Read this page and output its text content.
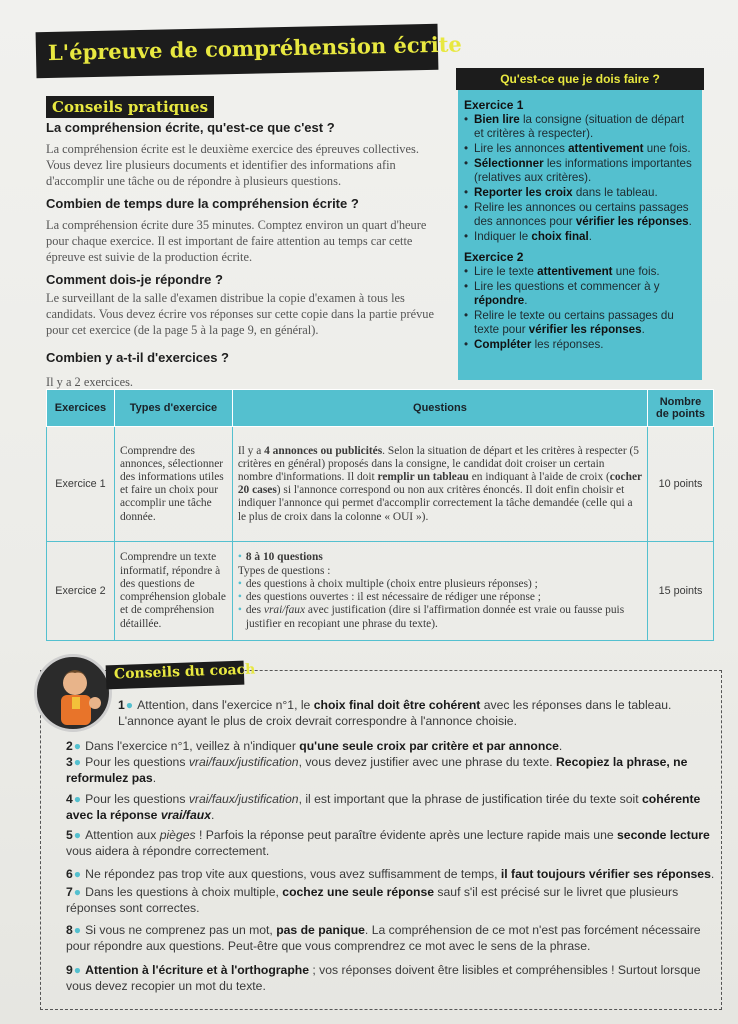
L'épreuve de compréhension écrite
Conseils pratiques
La compréhension écrite, qu'est-ce que c'est ?
La compréhension écrite est le deuxième exercice des épreuves collectives. Vous devez lire plusieurs documents et identifier des informations afin d'accomplir une tâche ou de répondre à plusieurs questions.
Combien de temps dure la compréhension écrite ?
La compréhension écrite dure 35 minutes. Comptez environ un quart d'heure pour chaque exercice. Il est important de faire attention au temps car cette épreuve est suivie de la production écrite.
Comment dois-je répondre ?
Le surveillant de la salle d'examen distribue la copie d'examen à tous les candidats. Vous devez écrire vos réponses sur cette copie dans la partie prévue pour cet exercice (de la page 5 à la page 9, en général).
Combien y a-t-il d'exercices ?
Il y a 2 exercices.
Qu'est-ce que je dois faire ?
Exercice 1
• Bien lire la consigne (situation de départ et critères à respecter).
• Lire les annonces attentivement une fois.
• Sélectionner les informations importantes (relatives aux critères).
• Reporter les croix dans le tableau.
• Relire les annonces ou certains passages des annonces pour vérifier les réponses.
• Indiquer le choix final.
Exercice 2
• Lire le texte attentivement une fois.
• Lire les questions et commencer à y répondre.
• Relire le texte ou certains passages du texte pour vérifier les réponses.
• Compléter les réponses.
Exercices	Types d'exercice	Questions	Nombre de points
Exercice 1	Comprendre des annonces, sélectionner des informations utiles et faire un choix pour accomplir une tâche donnée.	Il y a 4 annonces ou publicités. Selon la situation de départ et les critères à respecter (5 critères en général) proposés dans la consigne, le candidat doit croiser un certain nombre d'informations. Il doit remplir un tableau en indiquant à l'aide de croix (cocher 20 cases) si l'annonce correspond ou non aux critères énoncés. Il doit enfin choisir et indiquer l'annonce qui permet d'accomplir correctement la tâche demandée (celle qui a le plus de croix dans la colonne « OUI »).	10 points
Exercice 2	Comprendre un texte informatif, répondre à des questions de compréhension globale et de compréhension détaillée.	• 8 à 10 questions
Types de questions :
• des questions à choix multiple (choix entre plusieurs réponses) ;
• des questions ouvertes : il est nécessaire de rédiger une réponse ;
• des vrai/faux avec justification (dire si l'affirmation donnée est vraie ou fausse puis justifier en recopiant une phrase du texte).	15 points
Conseils du coach
1● Attention, dans l'exercice n°1, le choix final doit être cohérent avec les réponses dans le tableau. L'annonce ayant le plus de croix devrait correspondre à l'annonce choisie.
2● Dans l'exercice n°1, veillez à n'indiquer qu'une seule croix par critère et par annonce.
3● Pour les questions vrai/faux/justification, vous devez justifier avec une phrase du texte. Recopiez la phrase, ne reformulez pas.
4● Pour les questions vrai/faux/justification, il est important que la phrase de justification tirée du texte soit cohérente avec la réponse vrai/faux.
5● Attention aux pièges ! Parfois la réponse peut paraître évidente après une lecture rapide mais une seconde lecture vous aidera à répondre correctement.
6● Ne répondez pas trop vite aux questions, vous avez suffisamment de temps, il faut toujours vérifier ses réponses.
7● Dans les questions à choix multiple, cochez une seule réponse sauf s'il est précisé sur le livret que plusieurs réponses sont correctes.
8● Si vous ne comprenez pas un mot, pas de panique. La compréhension de ce mot n'est pas forcément nécessaire pour répondre aux questions. Peut-être que vous comprendrez ce mot avec le sens de la phrase.
9● Attention à l'écriture et à l'orthographe ; vos réponses doivent être lisibles et compréhensibles ! Surtout lorsque vous devez recopier un mot du texte.
